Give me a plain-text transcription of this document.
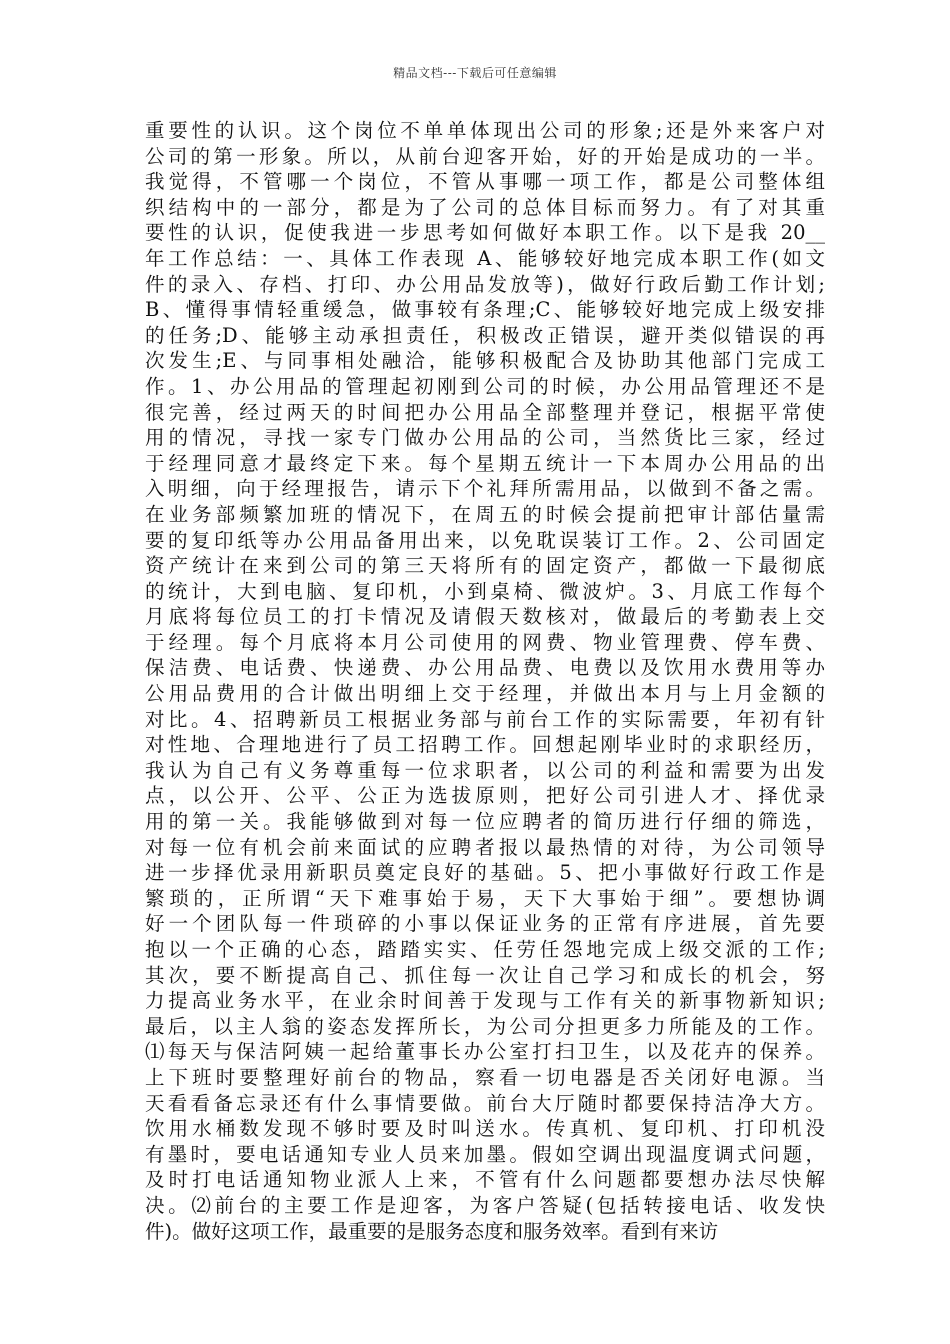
精品文档---下载后可任意编辑
重要性的认识。这个岗位不单单体现出公司的形象;还是外来客户对
公司的第一形象。所以，从前台迎客开始，好的开始是成功的一半。
我觉得，不管哪一个岗位，不管从事哪一项工作，都是公司整体组
织结构中的一部分，都是为了公司的总体目标而努力。有了对其重
要性的认识，促使我进一步思考如何做好本职工作。以下是我 20__
年工作总结：一、具体工作表现 A、能够较好地完成本职工作(如文
件的录入、存档、打印、办公用品发放等)，做好行政后勤工作计划;
B、懂得事情轻重缓急，做事较有条理;C、能够较好地完成上级安排
的任务;D、能够主动承担责任，积极改正错误，避开类似错误的再
次发生;E、与同事相处融洽，能够积极配合及协助其他部门完成工
作。1、办公用品的管理起初刚到公司的时候，办公用品管理还不是
很完善，经过两天的时间把办公用品全部整理并登记，根据平常使
用的情况，寻找一家专门做办公用品的公司，当然货比三家，经过
于经理同意才最终定下来。每个星期五统计一下本周办公用品的出
入明细，向于经理报告，请示下个礼拜所需用品，以做到不备之需。
在业务部频繁加班的情况下，在周五的时候会提前把审计部估量需
要的复印纸等办公用品备用出来，以免耽误装订工作。2、公司固定
资产统计在来到公司的第三天将所有的固定资产，都做一下最彻底
的统计，大到电脑、复印机，小到桌椅、微波炉。3、月底工作每个
月底将每位员工的打卡情况及请假天数核对，做最后的考勤表上交
于经理。每个月底将本月公司使用的网费、物业管理费、停车费、
保洁费、电话费、快递费、办公用品费、电费以及饮用水费用等办
公用品费用的合计做出明细上交于经理，并做出本月与上月金额的
对比。4、招聘新员工根据业务部与前台工作的实际需要，年初有针
对性地、合理地进行了员工招聘工作。回想起刚毕业时的求职经历，
我认为自己有义务尊重每一位求职者，以公司的利益和需要为出发
点，以公开、公平、公正为选拔原则，把好公司引进人才、择优录
用的第一关。我能够做到对每一位应聘者的简历进行仔细的筛选，
对每一位有机会前来面试的应聘者报以最热情的对待，为公司领导
进一步择优录用新职员奠定良好的基础。5、把小事做好行政工作是
繁琐的，正所谓“天下难事始于易，天下大事始于细”。要想协调
好一个团队每一件琐碎的小事以保证业务的正常有序进展，首先要
抱以一个正确的心态，踏踏实实、任劳任怨地完成上级交派的工作;
其次，要不断提高自己、抓住每一次让自己学习和成长的机会，努
力提高业务水平，在业余时间善于发现与工作有关的新事物新知识;
最后，以主人翁的姿态发挥所长，为公司分担更多力所能及的工作。
⑴每天与保洁阿姨一起给董事长办公室打扫卫生，以及花卉的保养。
上下班时要整理好前台的物品，察看一切电器是否关闭好电源。当
天看看备忘录还有什么事情要做。前台大厅随时都要保持洁净大方。
饮用水桶数发现不够时要及时叫送水。传真机、复印机、打印机没
有墨时，要电话通知专业人员来加墨。假如空调出现温度调式问题，
及时打电话通知物业派人上来，不管有什么问题都要想办法尽快解
决。⑵前台的主要工作是迎客，为客户答疑(包括转接电话、收发快
件)。做好这项工作，最重要的是服务态度和服务效率。看到有来访
